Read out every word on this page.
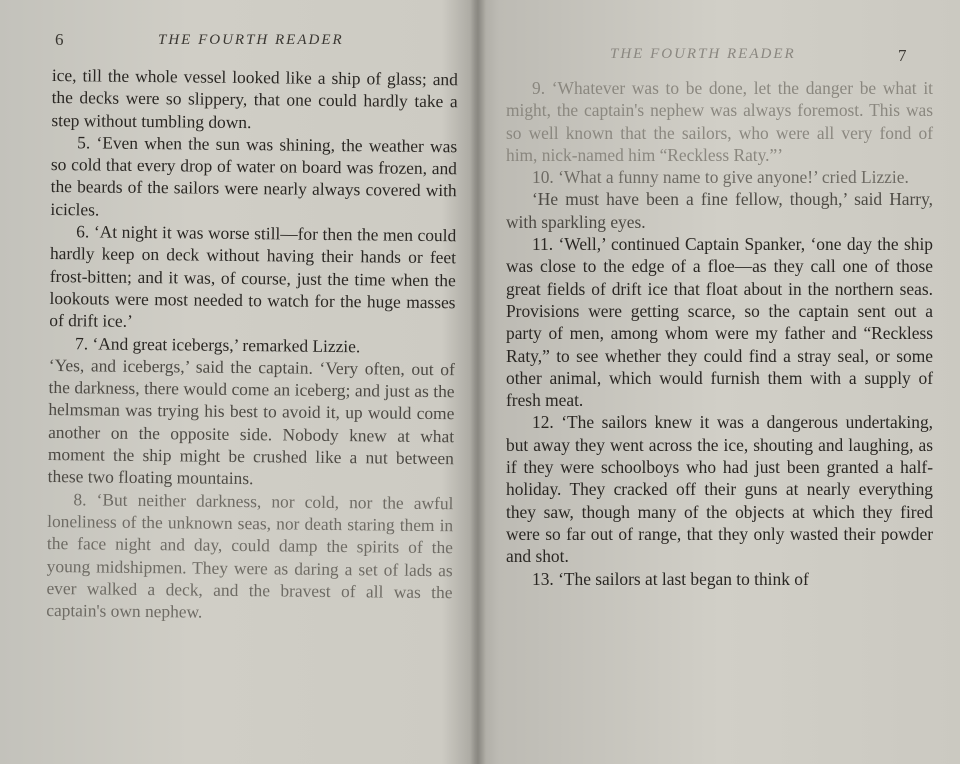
6	THE FOURTH READER

ice, till the whole vessel looked like a ship of glass; and the decks were so slippery, that one could hardly take a step without tumbling down.

5. ‘Even when the sun was shining, the weather was so cold that every drop of water on board was frozen, and the beards of the sailors were nearly always covered with icicles.

6. ‘At night it was worse still—for then the men could hardly keep on deck without having their hands or feet frost-bitten; and it was, of course, just the time when the lookouts were most needed to watch for the huge masses of drift ice.’

7. ‘And great icebergs,’ remarked Lizzie.

‘Yes, and icebergs,’ said the captain. ‘Very often, out of the darkness, there would come an iceberg; and just as the helmsman was trying his best to avoid it, up would come another on the opposite side. Nobody knew at what moment the ship might be crushed like a nut between these two floating mountains.

8. ‘But neither darkness, nor cold, nor the awful loneliness of the unknown seas, nor death staring them in the face night and day, could damp the spirits of the young midshipmen. They were as daring a set of lads as ever walked a deck, and the bravest of all was the captain's own nephew.

THE FOURTH READER	7

9. ‘Whatever was to be done, let the danger be what it might, the captain's nephew was always foremost. This was so well known that the sailors, who were all very fond of him, nick-named him “Reckless Raty.”’

10. ‘What a funny name to give anyone!’ cried Lizzie.

‘He must have been a fine fellow, though,’ said Harry, with sparkling eyes.

11. ‘Well,’ continued Captain Spanker, ‘one day the ship was close to the edge of a floe—as they call one of those great fields of drift ice that float about in the northern seas. Provisions were getting scarce, so the captain sent out a party of men, among whom were my father and “Reckless Raty,” to see whether they could find a stray seal, or some other animal, which would furnish them with a supply of fresh meat.

12. ‘The sailors knew it was a dangerous undertaking, but away they went across the ice, shouting and laughing, as if they were schoolboys who had just been granted a half-holiday. They cracked off their guns at nearly everything they saw, though many of the objects at which they fired were so far out of range, that they only wasted their powder and shot.

13. ‘The sailors at last began to think of
